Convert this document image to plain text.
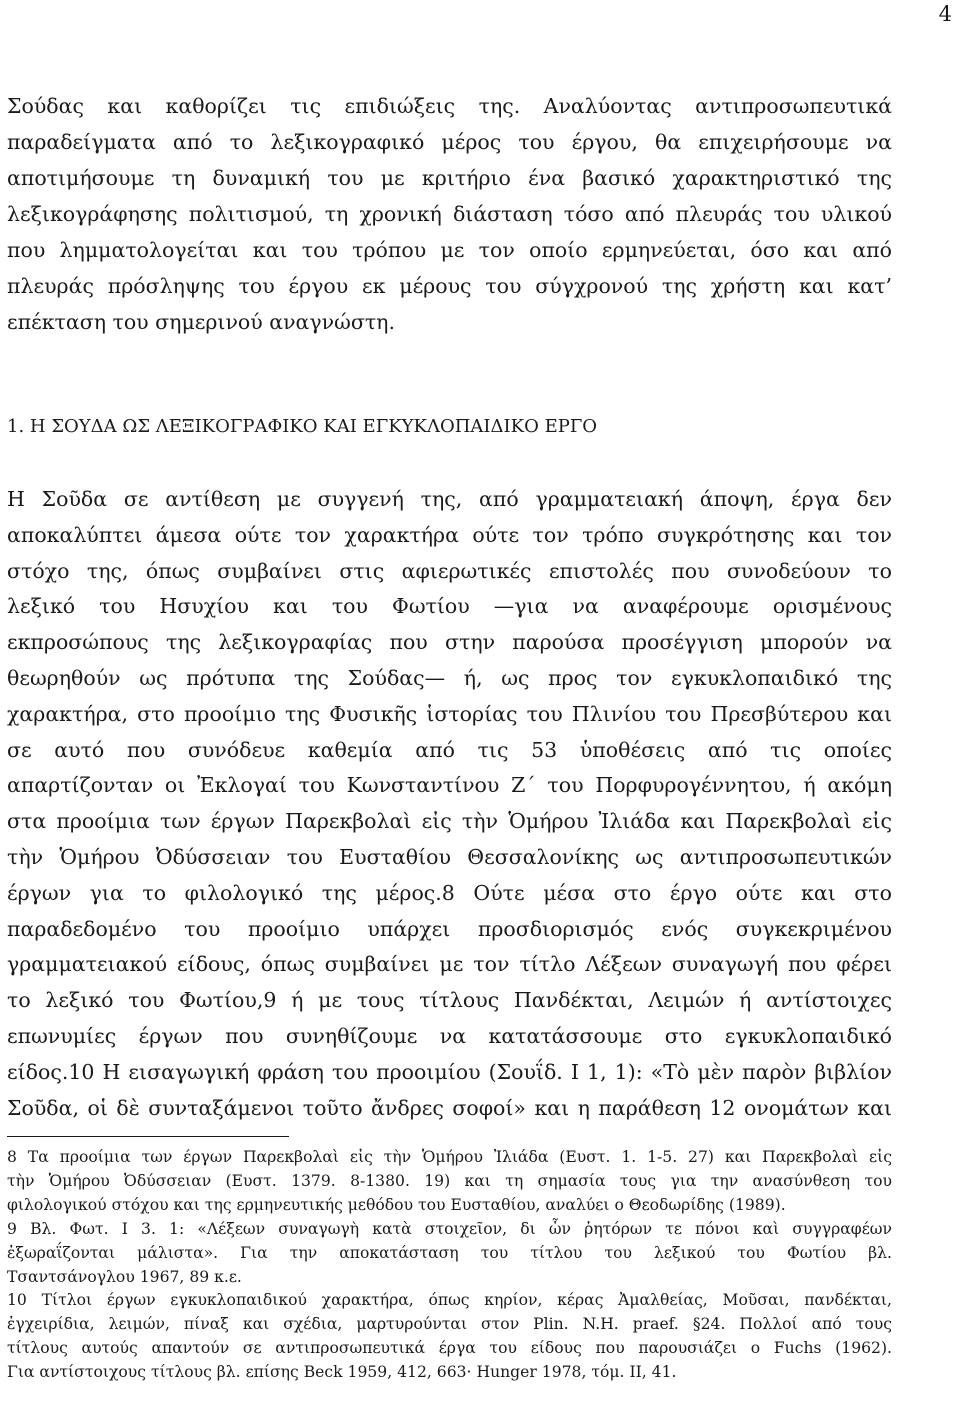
4

Σούδας και καθορίζει τις επιδιώξεις της. Αναλύοντας αντιπροσωπευτικά

παραδείγματα από το λεξικογραφικό μέρος του έργου, θα επιχειρήσουμε να

αποτιμήσουμε τη δυναμική του με κριτήριο ένα βασικό χαρακτηριστικό της

λεξικογράφησης πολιτισμού, τη χρονική διάσταση τόσο από πλευράς του υλικού

που λημματολογείται και του τρόπου με τον οποίο ερμηνεύεται, όσο και από

πλευράς πρόσληψης του έργου εκ μέρους του σύγχρονού της χρήστη και κατ’

επέκταση του σημερινού αναγνώστη.

1. Η ΣΟΥΔΑ ΩΣ ΛΕΞΙΚΟΓΡΑΦΙΚΟ ΚΑΙ ΕΓΚΥΚΛΟΠΑΙΔΙΚΟ ΕΡΓΟ

Η Σοῦδα σε αντίθεση με συγγενή της, από γραμματειακή άποψη, έργα δεν

αποκαλύπτει άμεσα ούτε τον χαρακτήρα ούτε τον τρόπο συγκρότησης και τον

στόχο της, όπως συμβαίνει στις αφιερωτικές επιστολές που συνοδεύουν το

λεξικό του Ησυχίου και του Φωτίου —για να αναφέρουμε ορισμένους

εκπροσώπους της λεξικογραφίας που στην παρούσα προσέγγιση μπορούν να

θεωρηθούν ως πρότυπα της Σούδας— ή, ως προς τον εγκυκλοπαιδικό της

χαρακτήρα, στο προοίμιο της Φυσικῆς ἱστορίας του Πλινίου του Πρεσβύτερου και

σε αυτό που συνόδευε καθεμία από τις 53 ὑποθέσεις από τις οποίες

απαρτίζονταν οι Ἐκλογαί του Κωνσταντίνου Ζ΄ του Πορφυρογέννητου, ή ακόμη

στα προοίμια των έργων Παρεκβολαὶ εἰς τὴν Ὁμήρου Ἰλιάδα και Παρεκβολαὶ εἰς

τὴν Ὁμήρου Ὀδύσσειαν του Ευσταθίου Θεσσαλονίκης ως αντιπροσωπευτικών

έργων για το φιλολογικό της μέρος.8 Ούτε μέσα στο έργο ούτε και στο

παραδεδομένο του προοίμιο υπάρχει προσδιορισμός ενός συγκεκριμένου

γραμματειακού είδους, όπως συμβαίνει με τον τίτλο Λέξεων συναγωγή που φέρει

το λεξικό του Φωτίου,9 ή με τους τίτλους Πανδέκται, Λειμών ή αντίστοιχες

επωνυμίες έργων που συνηθίζουμε να κατατάσσουμε στο εγκυκλοπαιδικό

είδος.10 Η εισαγωγική φράση του προοιμίου (Σουΐδ. Ι 1, 1): «Τὸ μὲν παρὸν βιβλίον

Σοῦδα, οἱ δὲ συνταξάμενοι τοῦτο ἄνδρες σοφοί» και η παράθεση 12 ονομάτων και

8 Τα προοίμια των έργων Παρεκβολαὶ εἰς τὴν Ὁμήρου Ἰλιάδα (Ευστ. 1. 1-5. 27) και Παρεκβολαὶ εἰς

τὴν Ὁμήρου Ὀδύσσειαν (Ευστ. 1379. 8-1380. 19) και τη σημασία τους για την ανασύνθεση του

φιλολογικού στόχου και της ερμηνευτικής μεθόδου του Ευσταθίου, αναλύει ο Θεοδωρίδης (1989).

9 Βλ. Φωτ. Ι 3. 1: «Λέξεων συναγωγὴ κατὰ στοιχεῖον, δι ὧν ῥητόρων τε πόνοι καὶ συγγραφέων

ἐξωραΐζονται μάλιστα». Για την αποκατάσταση του τίτλου του λεξικού του Φωτίου βλ.

Τσαντσάνογλου 1967, 89 κ.ε.

10 Τίτλοι έργων εγκυκλοπαιδικού χαρακτήρα, όπως κηρίον, κέρας Ἀμαλθείας, Μοῦσαι, πανδέκται,

ἐγχειρίδια, λειμών, πίναξ και σχέδια, μαρτυρούνται στον Plin. N.H. praef. §24. Πολλοί από τους

τίτλους αυτούς απαντούν σε αντιπροσωπευτικά έργα του είδους που παρουσιάζει ο Fuchs (1962).

Για αντίστοιχους τίτλους βλ. επίσης Beck 1959, 412, 663· Hunger 1978, τόμ. ΙΙ, 41.
